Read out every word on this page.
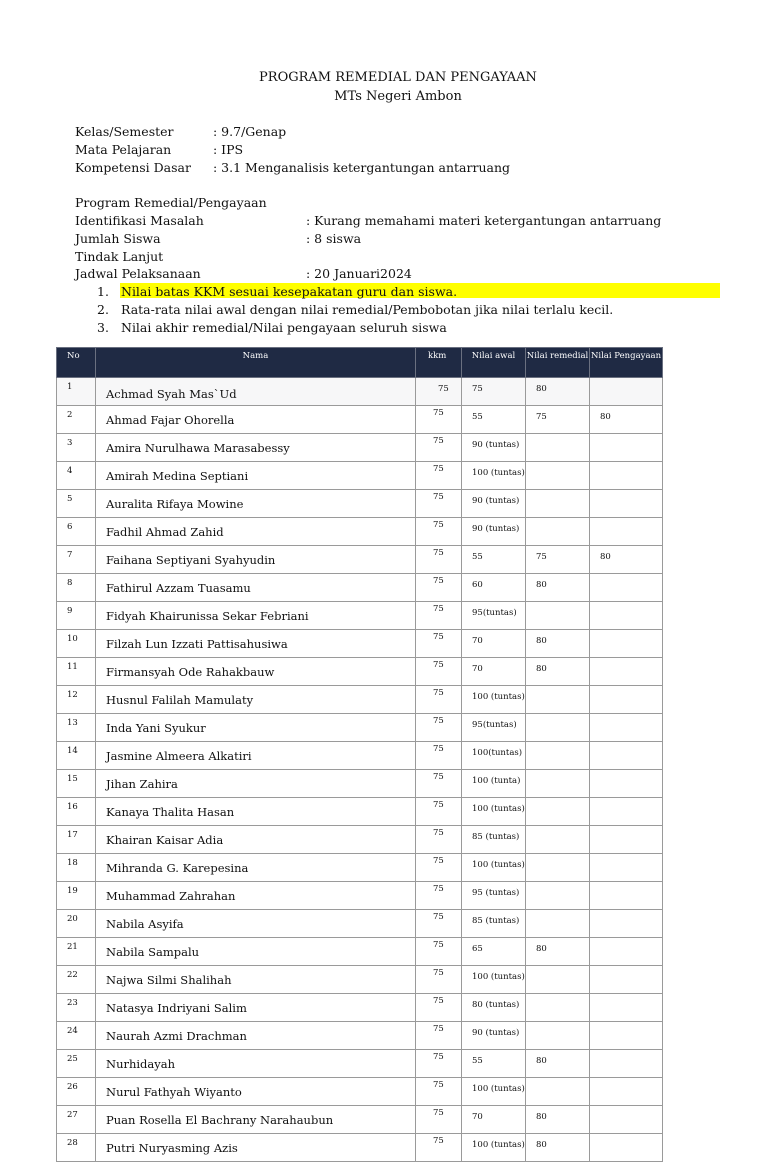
PROGRAM REMEDIAL DAN PENGAYAAN
MTs Negeri Ambon
Kelas/Semester	: 9.7/Genap
Mata Pelajaran	: IPS
Kompetensi Dasar : 3.1 Menganalisis ketergantungan antarruang
Program Remedial/Pengayaan
Identifikasi Masalah	: Kurang memahami materi ketergantungan antarruang
Jumlah Siswa	: 8 siswa
Tindak Lanjut
Jadwal Pelaksanaan	: 20 Januari2024
1. Nilai batas KKM sesuai kesepakatan guru dan siswa.
2. Rata-rata nilai awal dengan nilai remedial/Pembobotan jika nilai terlalu kecil.
3. Nilai akhir remedial/Nilai pengayaan seluruh siswa
No	Nama	kkm	Nilai awal	Nilai remedial	Nilai Pengayaan
1	Achmad Syah Mas`Ud	75	75	80	
2	Ahmad Fajar Ohorella	75	55	75	80
3	Amira Nurulhawa Marasabessy	75	90 (tuntas)		
4	Amirah Medina Septiani	75	100 (tuntas)		
5	Auralita Rifaya Mowine	75	90 (tuntas)		
6	Fadhil Ahmad Zahid	75	90 (tuntas)		
7	Faihana Septiyani Syahyudin	75	55	75	80
8	Fathirul Azzam Tuasamu	75	60	80	
9	Fidyah Khairunissa Sekar Febriani	75	95(tuntas)		
10	Filzah Lun Izzati Pattisahusiwa	75	70	80	
11	Firmansyah Ode Rahakbauw	75	70	80	
12	Husnul Falilah Mamulaty	75	100 (tuntas)		
13	Inda Yani Syukur	75	95(tuntas)		
14	Jasmine Almeera Alkatiri	75	100(tuntas)		
15	Jihan Zahira	75	100 (tunta)		
16	Kanaya Thalita Hasan	75	100 (tuntas)		
17	Khairan Kaisar Adia	75	85 (tuntas)		
18	Mihranda G. Karepesina	75	100 (tuntas)		
19	Muhammad Zahrahan	75	95 (tuntas)		
20	Nabila Asyifa	75	85 (tuntas)		
21	Nabila Sampalu	75	65	80	
22	Najwa Silmi Shalihah	75	100 (tuntas)		
23	Natasya Indriyani Salim	75	80 (tuntas)		
24	Naurah Azmi Drachman	75	90 (tuntas)		
25	Nurhidayah	75	55	80	
26	Nurul Fathyah Wiyanto	75	100 (tuntas)		
27	Puan Rosella El Bachrany Narahaubun	75	70	80	
28	Putri Nuryasming Azis	75	100 (tuntas)	80	
